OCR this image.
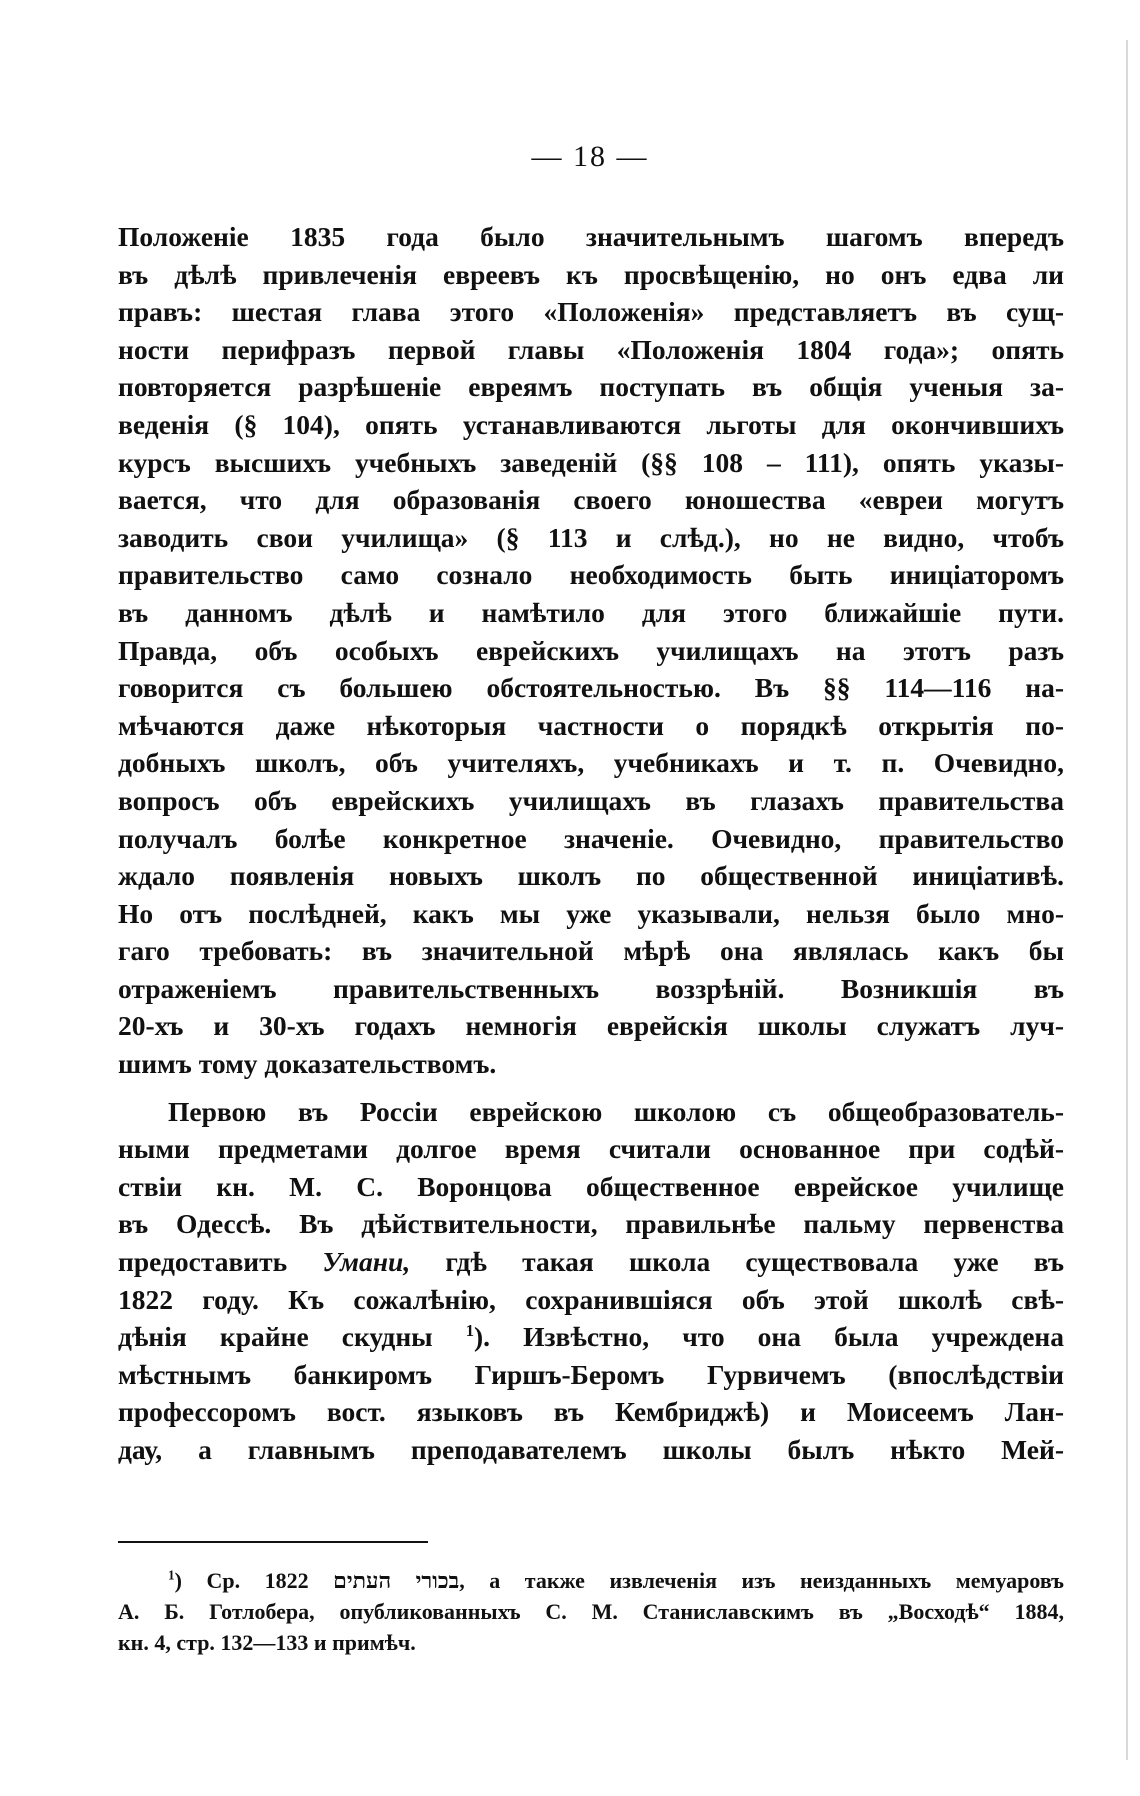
— 18 —
Положеніе 1835 года было значительнымъ шагомъ впередъ
въ дѣлѣ привлеченія евреевъ къ просвѣщенію, но онъ едва ли
правъ: шестая глава этого «Положенія» представляетъ въ сущ-
ности перифразъ первой главы «Положенія 1804 года»; опять
повторяется разрѣшеніе евреямъ поступать въ общія ученыя за-
веденія (§ 104), опять устанавливаются льготы для окончившихъ
курсъ высшихъ учебныхъ заведеній (§§ 108 – 111), опять указы-
вается, что для образованія своего юношества «евреи могутъ
заводить свои училища» (§ 113 и слѣд.), но не видно, чтобъ
правительство само сознало необходимость быть иниціаторомъ
въ данномъ дѣлѣ и намѣтило для этого ближайшіе пути.
Правда, объ особыхъ еврейскихъ училищахъ на этотъ разъ
говорится съ большею обстоятельностью. Въ §§ 114—116 на-
мѣчаются даже нѣкоторыя частности о порядкѣ открытія по-
добныхъ школъ, объ учителяхъ, учебникахъ и т. п. Очевидно,
вопросъ объ еврейскихъ училищахъ въ глазахъ правительства
получалъ болѣе конкретное значеніе. Очевидно, правительство
ждало появленія новыхъ школъ по общественной иниціативѣ.
Но отъ послѣдней, какъ мы уже указывали, нельзя было мно-
гаго требовать: въ значительной мѣрѣ она являлась какъ бы
отраженіемъ правительственныхъ воззрѣній. Возникшія въ
20-хъ и 30-хъ годахъ немногія еврейскія школы служатъ луч-
шимъ тому доказательствомъ.
Первою въ Россіи еврейскою школою съ общеобразователь-
ными предметами долгое время считали основанное при содѣй-
ствіи кн. М. С. Воронцова общественное еврейское училище
въ Одессѣ. Въ дѣйствительности, правильнѣе пальму первенства
предоставить Умани, гдѣ такая школа существовала уже въ
1822 году. Къ сожалѣнію, сохранившіяся объ этой школѣ свѣ-
дѣнія крайне скудны $^1$). Извѣстно, что она была учреждена
мѣстнымъ банкиромъ Гиршъ-Беромъ Гурвичемъ (впослѣдствіи
профессоромъ вост. языковъ въ Кембриджѣ) и Моисеемъ Лан-
дау, а главнымъ преподавателемъ школы былъ нѣкто Мей-
$^1$) Ср. בכורי העתים 1822, а также извлеченія изъ неизданныхъ мемуаровъ
А. Б. Готлобера, опубликованныхъ С. М. Станиславскимъ въ „Восходѣ“ 1884,
кн. 4, стр. 132—133 и примѣч.
